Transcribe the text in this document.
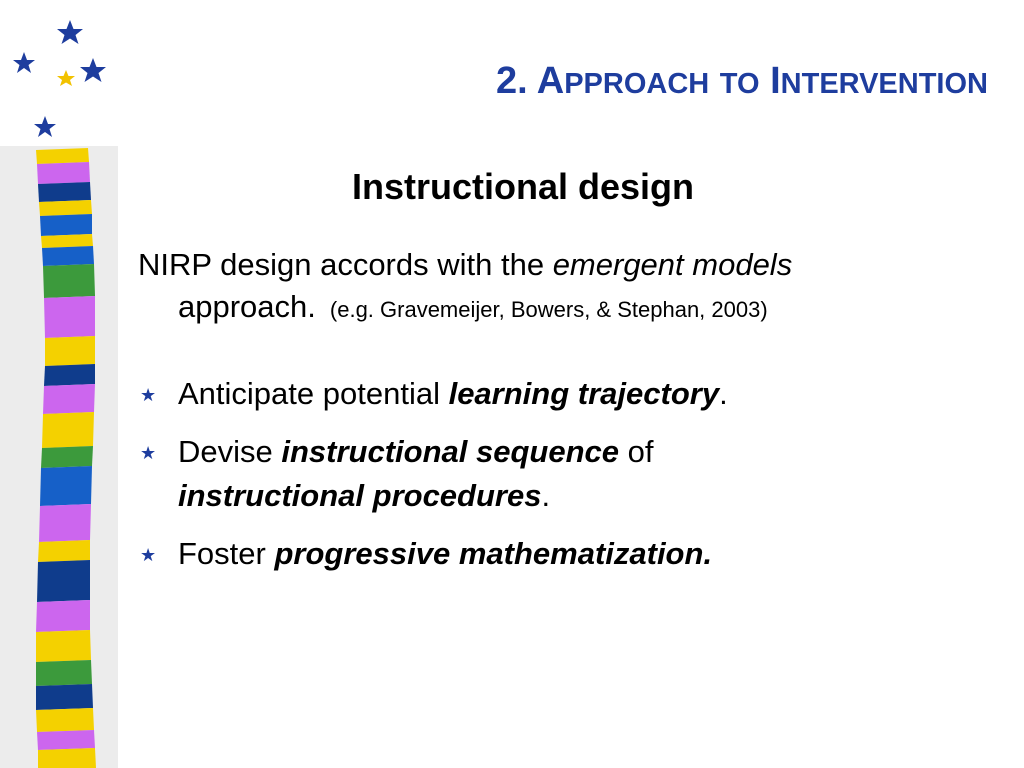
2. APPROACH TO INTERVENTION
Instructional design
NIRP design accords with the emergent models
approach. (e.g. Gravemeijer, Bowers, & Stephan, 2003)
★ Anticipate potential learning trajectory.
★ Devise instructional sequence of
instructional procedures.
★ Foster progressive mathematization.
